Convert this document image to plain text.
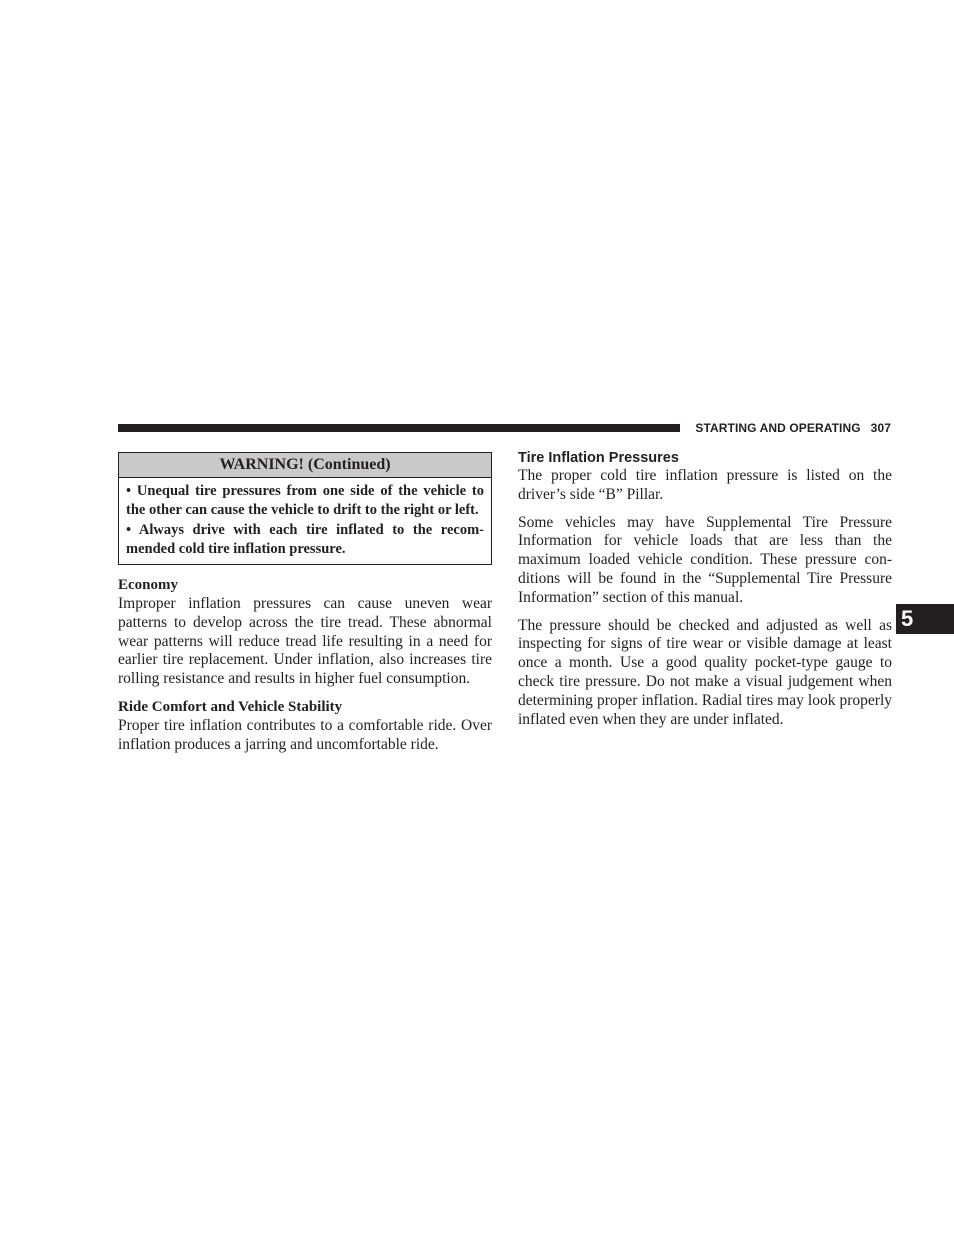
STARTING AND OPERATING 307
WARNING! (Continued)

• Unequal tire pressures from one side of the vehicle to the other can cause the vehicle to drift to the right or left.

• Always drive with each tire inflated to the recom- mended cold tire inflation pressure.

Economy

Improper inflation pressures can cause uneven wear patterns to develop across the tire tread. These abnormal wear patterns will reduce tread life resulting in a need for earlier tire replacement. Under inflation, also increases tire rolling resistance and results in higher fuel consumption.

Ride Comfort and Vehicle Stability

Proper tire inflation contributes to a comfortable ride. Over inflation produces a jarring and uncomfortable ride.

Tire Inflation Pressures

The proper cold tire inflation pressure is listed on the driver’s side “B” Pillar.

Some vehicles may have Supplemental Tire Pressure Information for vehicle loads that are less than the maximum loaded vehicle condition. These pressure con- ditions will be found in the “Supplemental Tire Pressure Information” section of this manual.

The pressure should be checked and adjusted as well as inspecting for signs of tire wear or visible damage at least once a month. Use a good quality pocket-type gauge to check tire pressure. Do not make a visual judgement when determining proper inflation. Radial tires may look properly inflated even when they are under inflated.

5
